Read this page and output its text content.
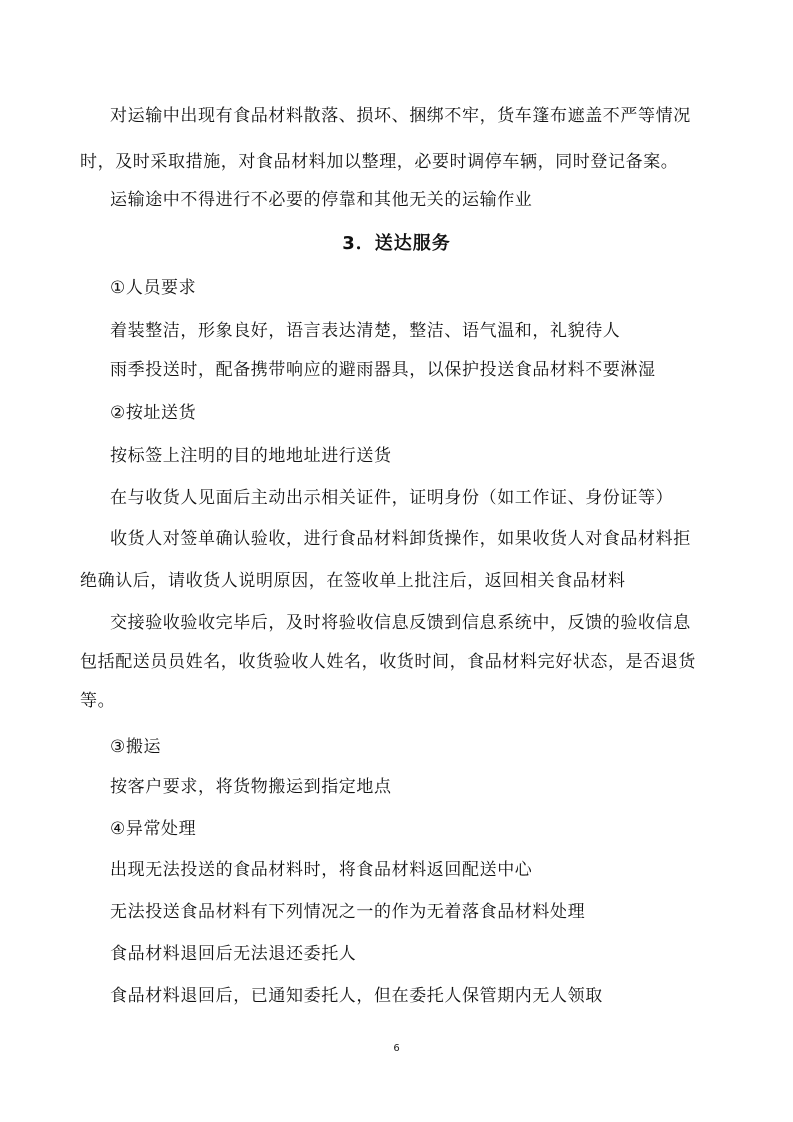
对运输中出现有食品材料散落、损坏、捆绑不牢，货车篷布遮盖不严等情况
时，及时采取措施，对食品材料加以整理，必要时调停车辆，同时登记备案。
运输途中不得进行不必要的停靠和其他无关的运输作业
3．送达服务
①人员要求
着装整洁，形象良好，语言表达清楚，整洁、语气温和，礼貌待人
雨季投送时，配备携带响应的避雨器具，以保护投送食品材料不要淋湿
②按址送货
按标签上注明的目的地地址进行送货
在与收货人见面后主动出示相关证件，证明身份（如工作证、身份证等）
收货人对签单确认验收，进行食品材料卸货操作，如果收货人对食品材料拒
绝确认后，请收货人说明原因，在签收单上批注后，返回相关食品材料
交接验收验收完毕后，及时将验收信息反馈到信息系统中，反馈的验收信息
包括配送员员姓名，收货验收人姓名，收货时间，食品材料完好状态，是否退货
等。
③搬运
按客户要求，将货物搬运到指定地点
④异常处理
出现无法投送的食品材料时，将食品材料返回配送中心
无法投送食品材料有下列情况之一的作为无着落食品材料处理
食品材料退回后无法退还委托人
食品材料退回后，已通知委托人，但在委托人保管期内无人领取
6
